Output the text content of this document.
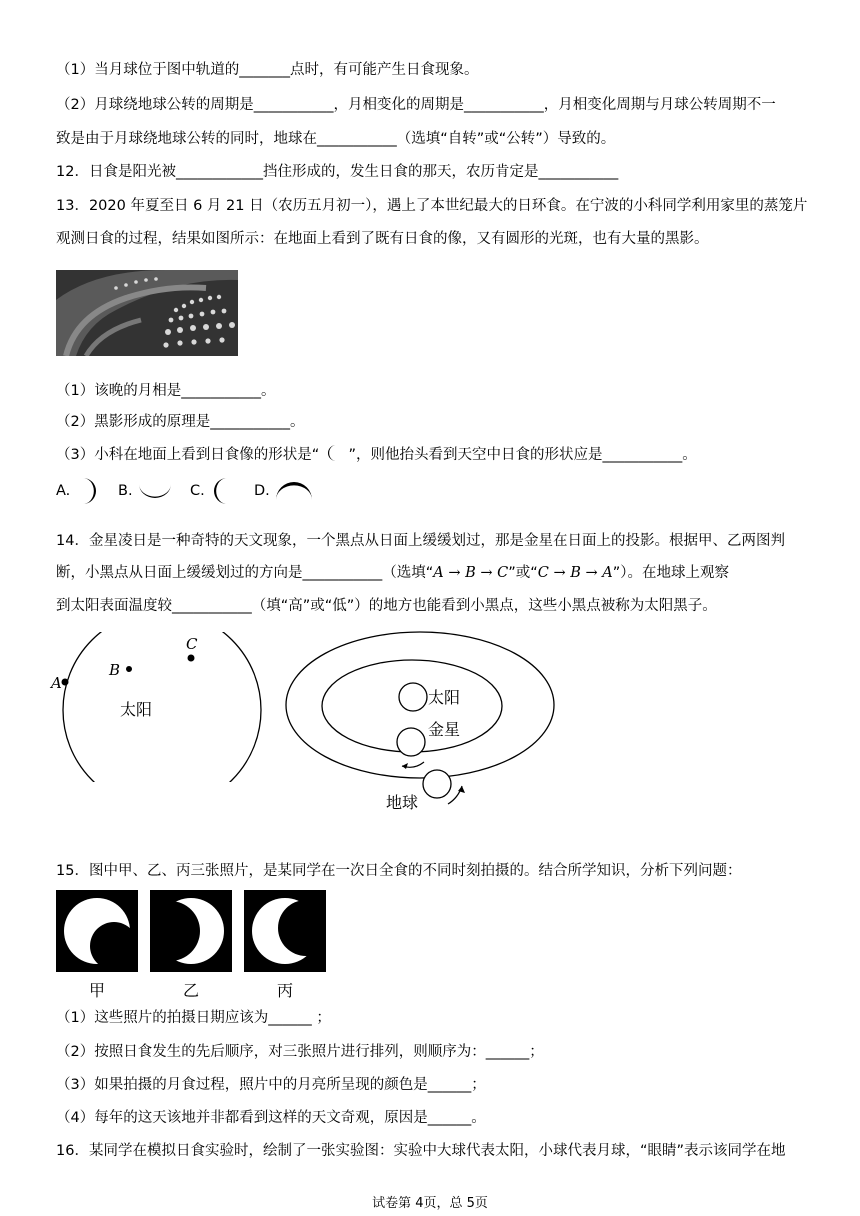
（1）当月球位于图中轨道的_______点时，有可能产生日食现象。
（2）月球绕地球公转的周期是___________，月相变化的周期是___________，月相变化周期与月球公转周期不一
致是由于月球绕地球公转的同时，地球在___________（选填“自转”或“公转”）导致的。
12．日食是阳光被____________挡住形成的，发生日食的那天，农历肯定是___________
13．2020 年夏至日 6 月 21 日（农历五月初一），遇上了本世纪最大的日环食。在宁波的小科同学利用家里的蒸笼片
观测日食的过程，结果如图所示：在地面上看到了既有日食的像，又有圆形的光斑，也有大量的黑影。
（1）该晚的月相是___________。
（2）黑影形成的原理是___________。
（3）小科在地面上看到日食像的形状是“ ”，则他抬头看到天空中日食的形状应是___________。
A.	B.	C.	D.
14．金星凌日是一种奇特的天文现象，一个黑点从日面上缓缓划过，那是金星在日面上的投影。根据甲、乙两图判
断，小黑点从日面上缓缓划过的方向是___________（选填“A → B → C”或“C → B → A”）。在地球上观察
到太阳表面温度较___________（填“高”或“低”）的地方也能看到小黑点，这些小黑点被称为太阳黑子。
A
B
C
太阳
太阳
金星
地球
15．图中甲、乙、丙三张照片，是某同学在一次日全食的不同时刻拍摄的。结合所学知识，分析下列问题：
甲	乙	丙
（1）这些照片的拍摄日期应该为______ ；
（2）按照日食发生的先后顺序，对三张照片进行排列，则顺序为：______；
（3）如果拍摄的月食过程，照片中的月亮所呈现的颜色是______；
（4）每年的这天该地并非都看到这样的天文奇观，原因是______。
16．某同学在模拟日食实验时，绘制了一张实验图：实验中大球代表太阳，小球代表月球，“眼睛”表示该同学在地
试卷第 4页，总 5页
